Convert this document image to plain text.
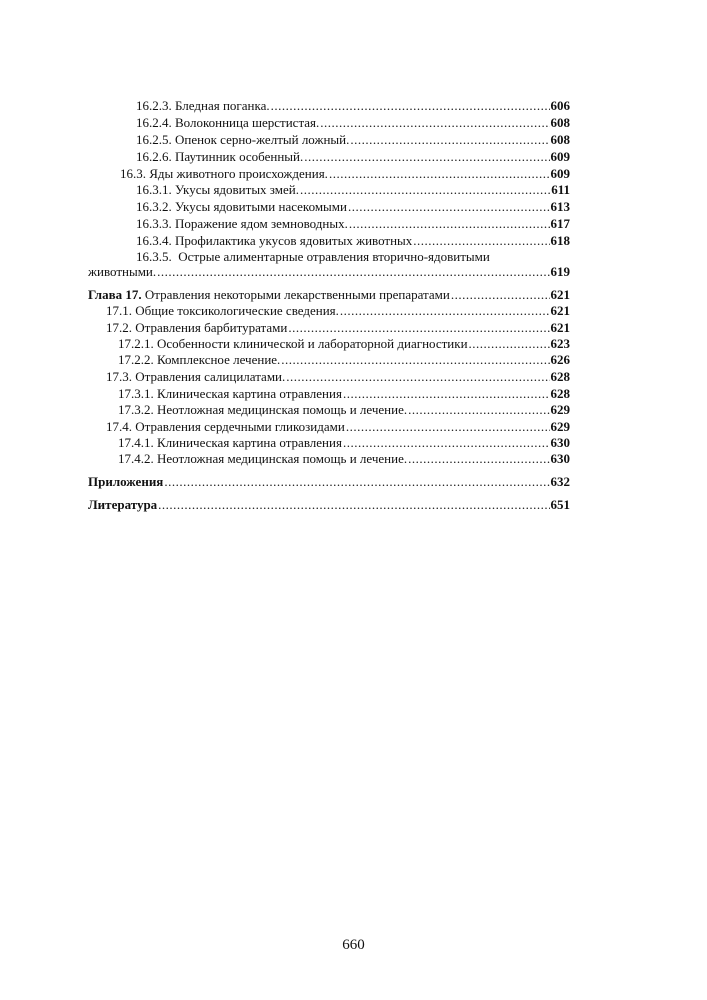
16.2.3. Бледная поганка. .....	606
16.2.4. Волоконница шерстистая. .....	608
16.2.5. Опенок серно-желтый ложный. .....	608
16.2.6. Паутинник особенный. .....	609
16.3. Яды животного происхождения. .....	609
16.3.1. Укусы ядовитых змей. .....	611
16.3.2. Укусы ядовитыми насекомыми .....	613
16.3.3. Поражение ядом земноводных. .....	617
16.3.4. Профилактика укусов ядовитых животных .....	618
16.3.5.  Острые алиментарные отравления вторично-ядовитыми
животными. .....	619
Глава 17. Отравления некоторыми лекарственными препаратами .....	621
17.1. Общие токсикологические сведения. .....	621
17.2. Отравления барбитуратами .....	621
17.2.1. Особенности клинической и лабораторной диагностики .....	623
17.2.2. Комплексное лечение. .....	626
17.3. Отравления салицилатами. .....	628
17.3.1. Клиническая картина отравления .....	628
17.3.2. Неотложная медицинская помощь и лечение. .....	629
17.4. Отравления сердечными гликозидами .....	629
17.4.1. Клиническая картина отравления .....	630
17.4.2. Неотложная медицинская помощь и лечение. .....	630
Приложения .....	632
Литература .....	651
660
